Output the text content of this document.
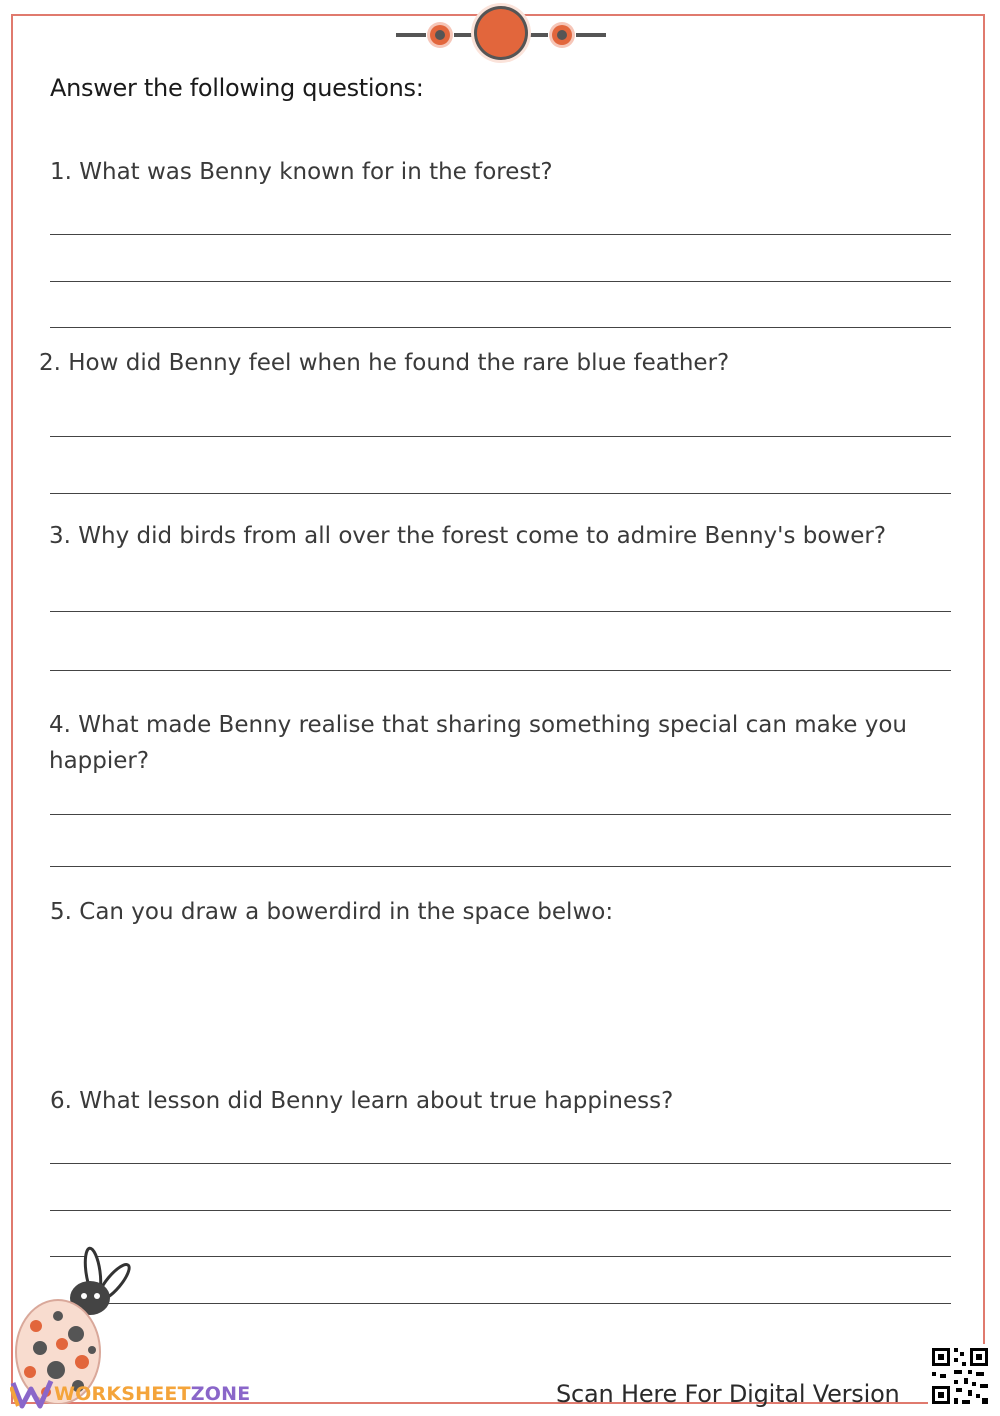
Answer the following questions:
1. What was Benny known for in the forest?
2. How did Benny feel when he found the rare blue feather?
3. Why did birds from all over the forest come to admire Benny's bower?
4. What made Benny realise that sharing something special can make you happier?
5. Can you draw a bowerdird in the space belwo:
6. What lesson did Benny learn about true happiness?
WORKSHEETZONE	Scan Here For Digital Version
